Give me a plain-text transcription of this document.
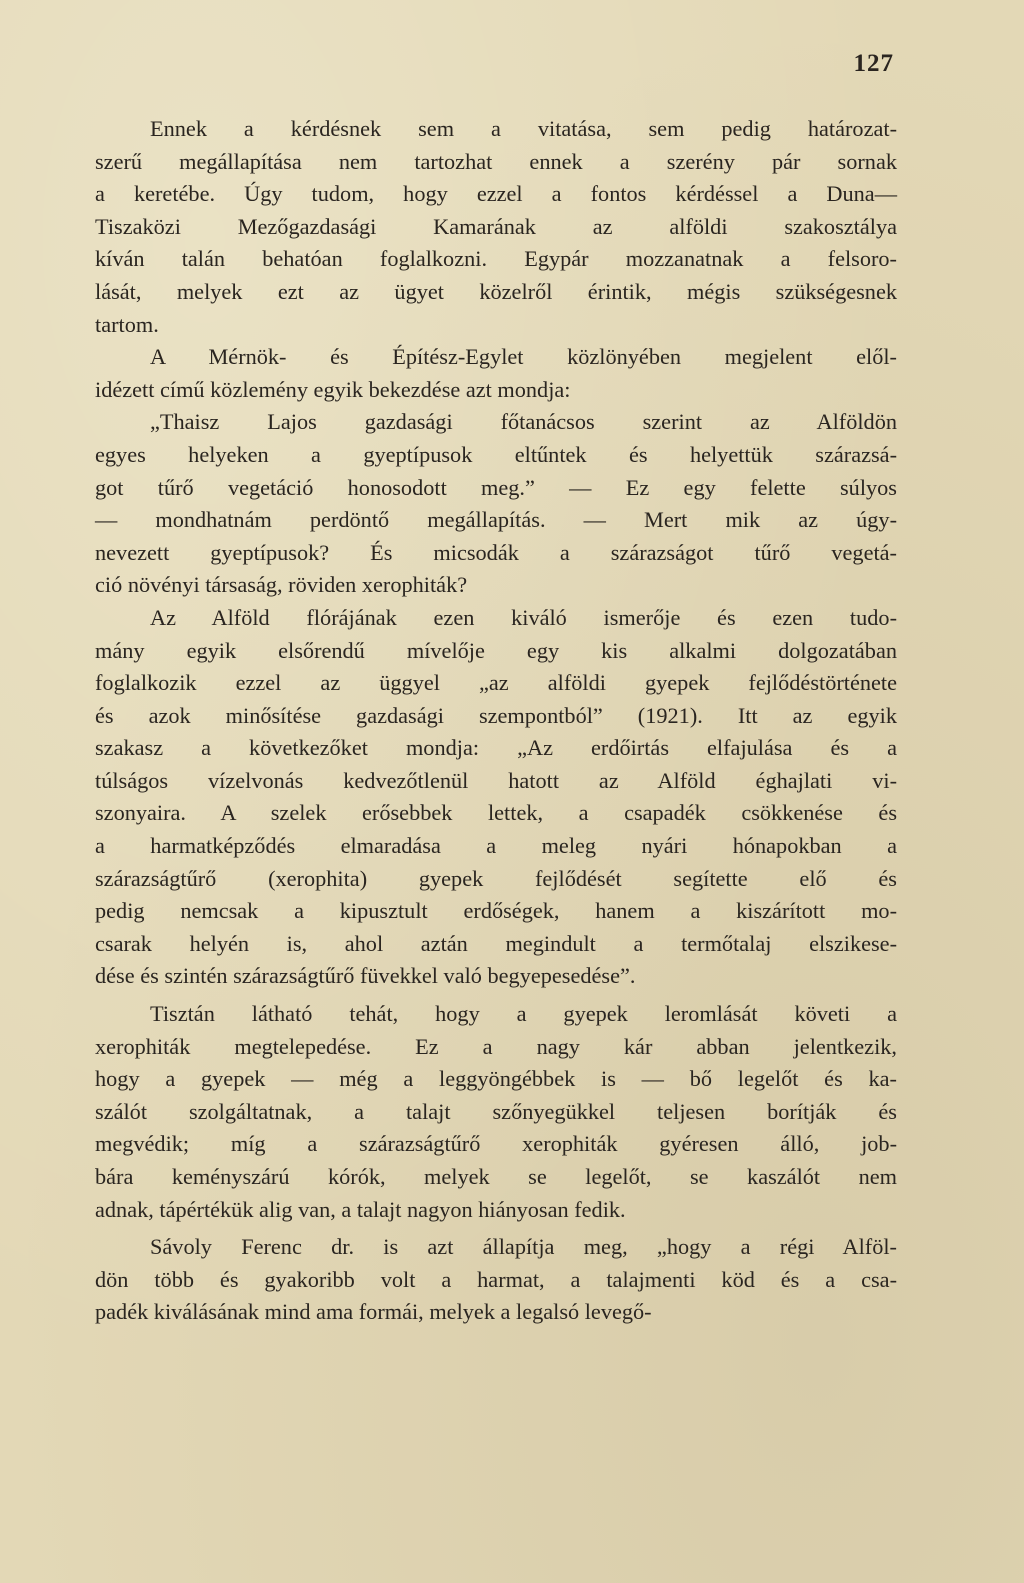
127
Ennek a kérdésnek sem a vitatása, sem pedig határozat-
szerű megállapítása nem tartozhat ennek a szerény pár sornak
a keretébe. Úgy tudom, hogy ezzel a fontos kérdéssel a Duna—
Tiszaközi Mezőgazdasági Kamarának az alföldi szakosztálya
kíván talán behatóan foglalkozni. Egypár mozzanatnak a felsoro-
lását, melyek ezt az ügyet közelről érintik, mégis szükségesnek
tartom.
A Mérnök- és Építész-Egylet közlönyében megjelent elől-
idézett című közlemény egyik bekezdése azt mondja:
„Thaisz Lajos gazdasági főtanácsos szerint az Alföldön
egyes helyeken a gyeptípusok eltűntek és helyettük szárazsá-
got tűrő vegetáció honosodott meg.” — Ez egy felette súlyos
— mondhatnám perdöntő megállapítás. — Mert mik az úgy-
nevezett gyeptípusok? És micsodák a szárazságot tűrő vegetá-
ció növényi társaság, röviden xerophiták?
Az Alföld flórájának ezen kiváló ismerője és ezen tudo-
mány egyik elsőrendű mívelője egy kis alkalmi dolgozatában
foglalkozik ezzel az üggyel „az alföldi gyepek fejlődéstörténete
és azok minősítése gazdasági szempontból” (1921). Itt az egyik
szakasz a következőket mondja: „Az erdőirtás elfajulása és a
túlságos vízelvonás kedvezőtlenül hatott az Alföld éghajlati vi-
szonyaira. A szelek erősebbek lettek, a csapadék csökkenése és
a harmatképződés elmaradása a meleg nyári hónapokban a
szárazságtűrő (xerophita) gyepek fejlődését segítette elő és
pedig nemcsak a kipusztult erdőségek, hanem a kiszárított mo-
csarak helyén is, ahol aztán megindult a termőtalaj elszikese-
dése és szintén szárazságtűrő füvekkel való begyepesedése”.
Tisztán látható tehát, hogy a gyepek leromlását követi a
xerophiták megtelepedése. Ez a nagy kár abban jelentkezik,
hogy a gyepek — még a leggyöngébbek is — bő legelőt és ka-
szálót szolgáltatnak, a talajt szőnyegükkel teljesen borítják és
megvédik; míg a szárazságtűrő xerophiták gyéresen álló, job-
bára keményszárú kórók, melyek se legelőt, se kaszálót nem
adnak, tápértékük alig van, a talajt nagyon hiányosan fedik.
Sávoly Ferenc dr. is azt állapítja meg, „hogy a régi Alföl-
dön több és gyakoribb volt a harmat, a talajmenti köd és a csa-
padék kiválásának mind ama formái, melyek a legalsó levegő-
